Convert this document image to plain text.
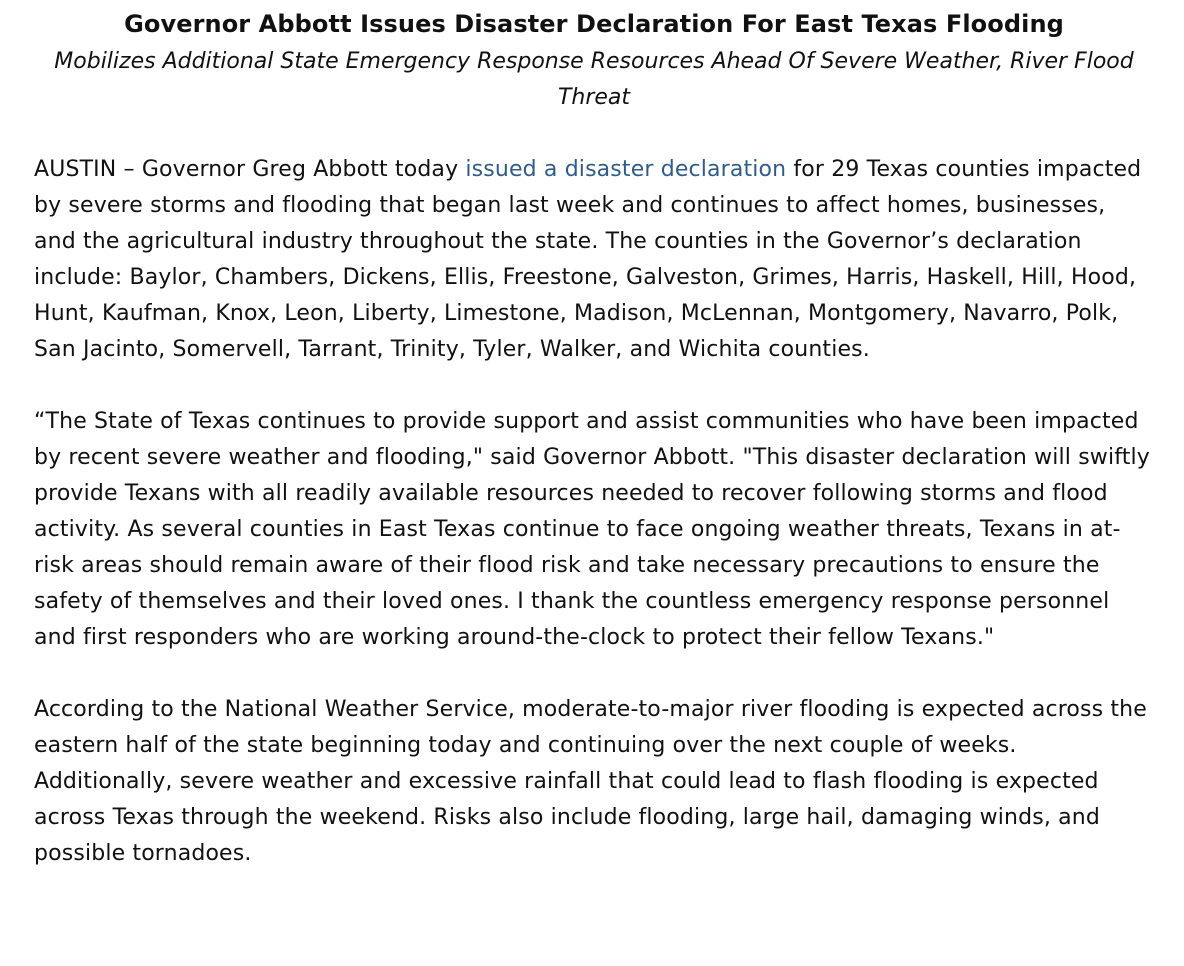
Governor Abbott Issues Disaster Declaration For East Texas Flooding

Mobilizes Additional State Emergency Response Resources Ahead Of Severe Weather, River Flood Threat

AUSTIN – Governor Greg Abbott today issued a disaster declaration for 29 Texas counties impacted by severe storms and flooding that began last week and continues to affect homes, businesses, and the agricultural industry throughout the state. The counties in the Governor’s declaration include: Baylor, Chambers, Dickens, Ellis, Freestone, Galveston, Grimes, Harris, Haskell, Hill, Hood, Hunt, Kaufman, Knox, Leon, Liberty, Limestone, Madison, McLennan, Montgomery, Navarro, Polk, San Jacinto, Somervell, Tarrant, Trinity, Tyler, Walker, and Wichita counties.

“The State of Texas continues to provide support and assist communities who have been impacted by recent severe weather and flooding," said Governor Abbott. "This disaster declaration will swiftly provide Texans with all readily available resources needed to recover following storms and flood activity. As several counties in East Texas continue to face ongoing weather threats, Texans in at-risk areas should remain aware of their flood risk and take necessary precautions to ensure the safety of themselves and their loved ones. I thank the countless emergency response personnel and first responders who are working around-the-clock to protect their fellow Texans."

According to the National Weather Service, moderate-to-major river flooding is expected across the eastern half of the state beginning today and continuing over the next couple of weeks. Additionally, severe weather and excessive rainfall that could lead to flash flooding is expected across Texas through the weekend. Risks also include flooding, large hail, damaging winds, and possible tornadoes.
